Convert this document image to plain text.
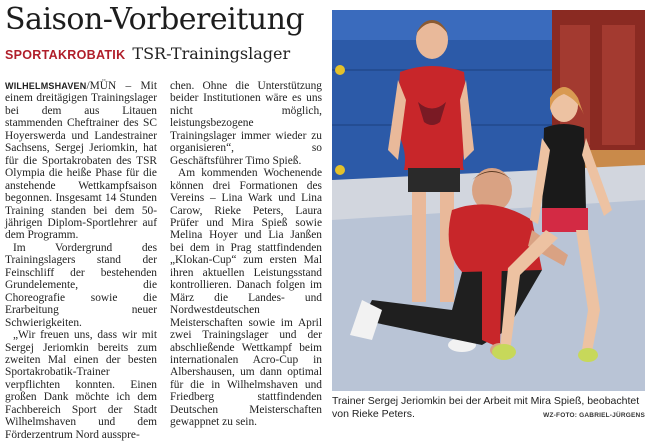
Saison-Vorbereitung
SPORTAKROBATIK TSR-Trainingslager

WILHELMSHAVEN/MÜN – Mit einem dreitägigen Trainingslager bei dem aus Litauen stammenden Cheftrainer des SC Hoyerswerda und Landestrainer Sachsens, Sergej Jeriomkin, hat für die Sportakrobaten des TSR Olympia die heiße Phase für die anstehende Wettkampfsaison begonnen. Insgesamt 14 Stunden Training standen bei dem 50-jährigen Diplom-Sportlehrer auf dem Programm.

Im Vordergrund des Trainingslagers stand der Feinschliff der bestehenden Grundelemente, die Choreografie sowie die Erarbeitung neuer Schwierigkeiten.

„Wir freuen uns, dass wir mit Sergej Jeriomkin bereits zum zweiten Mal einen der besten Sportakrobatik-Trainer verpflichten konnten. Einen großen Dank möchte ich dem Fachbereich Sport der Stadt Wilhelmshaven und dem Förderzentrum Nord ausspre-

chen. Ohne die Unterstützung beider Institutionen wäre es uns nicht möglich, leistungsbezogene Trainingslager immer wieder zu organisieren“, so Geschäftsführer Timo Spieß.

Am kommenden Wochenende können drei Formationen des Vereins – Lina Wark und Lina Carow, Rieke Peters, Laura Prüfer und Mira Spieß sowie Melina Hoyer und Lia Janßen bei dem in Prag stattfindenden „Klokan-Cup“ zum ersten Mal ihren aktuellen Leistungsstand kontrollieren. Danach folgen im März die Landes- und Nordwestdeutschen Meisterschaften sowie im April zwei Trainingslager und der abschließende Wettkampf beim internationalen Acro-Cup in Albershausen, um dann optimal für die in Wilhelmshaven und Friedberg stattfindenden Deutschen Meisterschaften gewappnet zu sein.

Trainer Sergej Jeriomkin bei der Arbeit mit Mira Spieß, beobachtet von Rieke Peters.	WZ-FOTO: GABRIEL-JÜRGENS
